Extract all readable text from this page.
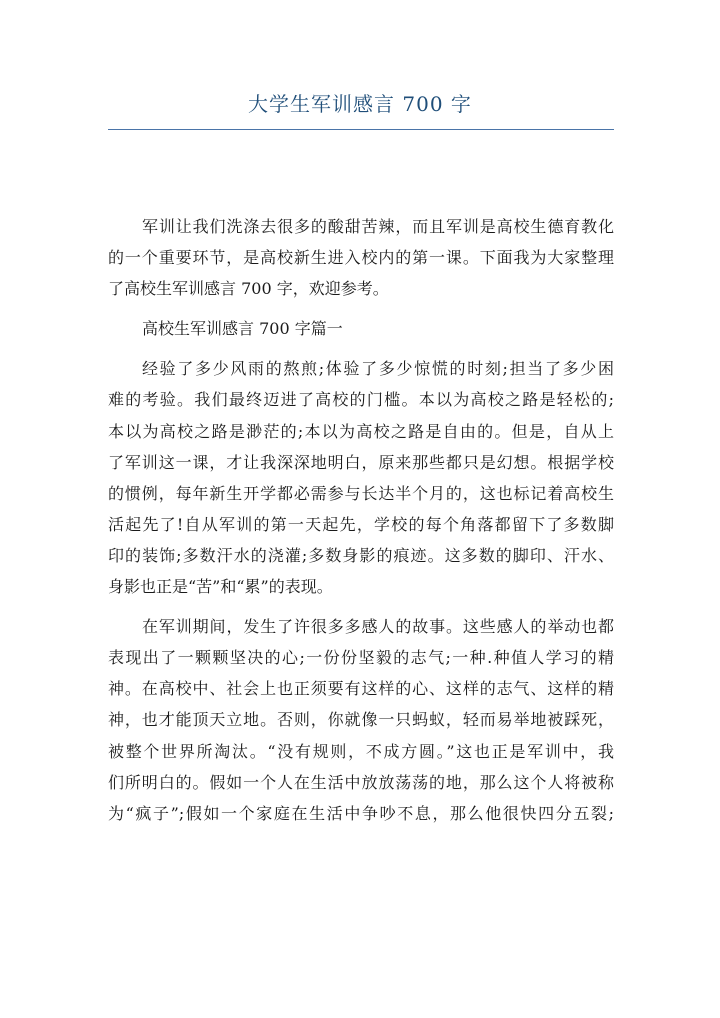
大学生军训感言 700 字

军训让我们洗涤去很多的酸甜苦辣，而且军训是高校生德育教化
的一个重要环节，是高校新生进入校内的第一课。下面我为大家整理
了高校生军训感言 700 字，欢迎参考。

高校生军训感言 700 字篇一

经验了多少风雨的熬煎;体验了多少惊慌的时刻;担当了多少困
难的考验。我们最终迈进了高校的门槛。本以为高校之路是轻松的;
本以为高校之路是渺茫的;本以为高校之路是自由的。但是，自从上
了军训这一课，才让我深深地明白，原来那些都只是幻想。根据学校
的惯例，每年新生开学都必需参与长达半个月的，这也标记着高校生
活起先了!自从军训的第一天起先，学校的每个角落都留下了多数脚
印的装饰;多数汗水的浇灌;多数身影的痕迹。这多数的脚印、汗水、
身影也正是“苦”和“累”的表现。

在军训期间，发生了许很多多感人的故事。这些感人的举动也都
表现出了一颗颗坚决的心;一份份坚毅的志气;一种.种值人学习的精
神。在高校中、社会上也正须要有这样的心、这样的志气、这样的精
神，也才能顶天立地。否则，你就像一只蚂蚁，轻而易举地被踩死，
被整个世界所淘汰。“没有规则，不成方圆。”这也正是军训中，我
们所明白的。假如一个人在生活中放放荡荡的地，那么这个人将被称
为“疯子”;假如一个家庭在生活中争吵不息，那么他很快四分五裂;
